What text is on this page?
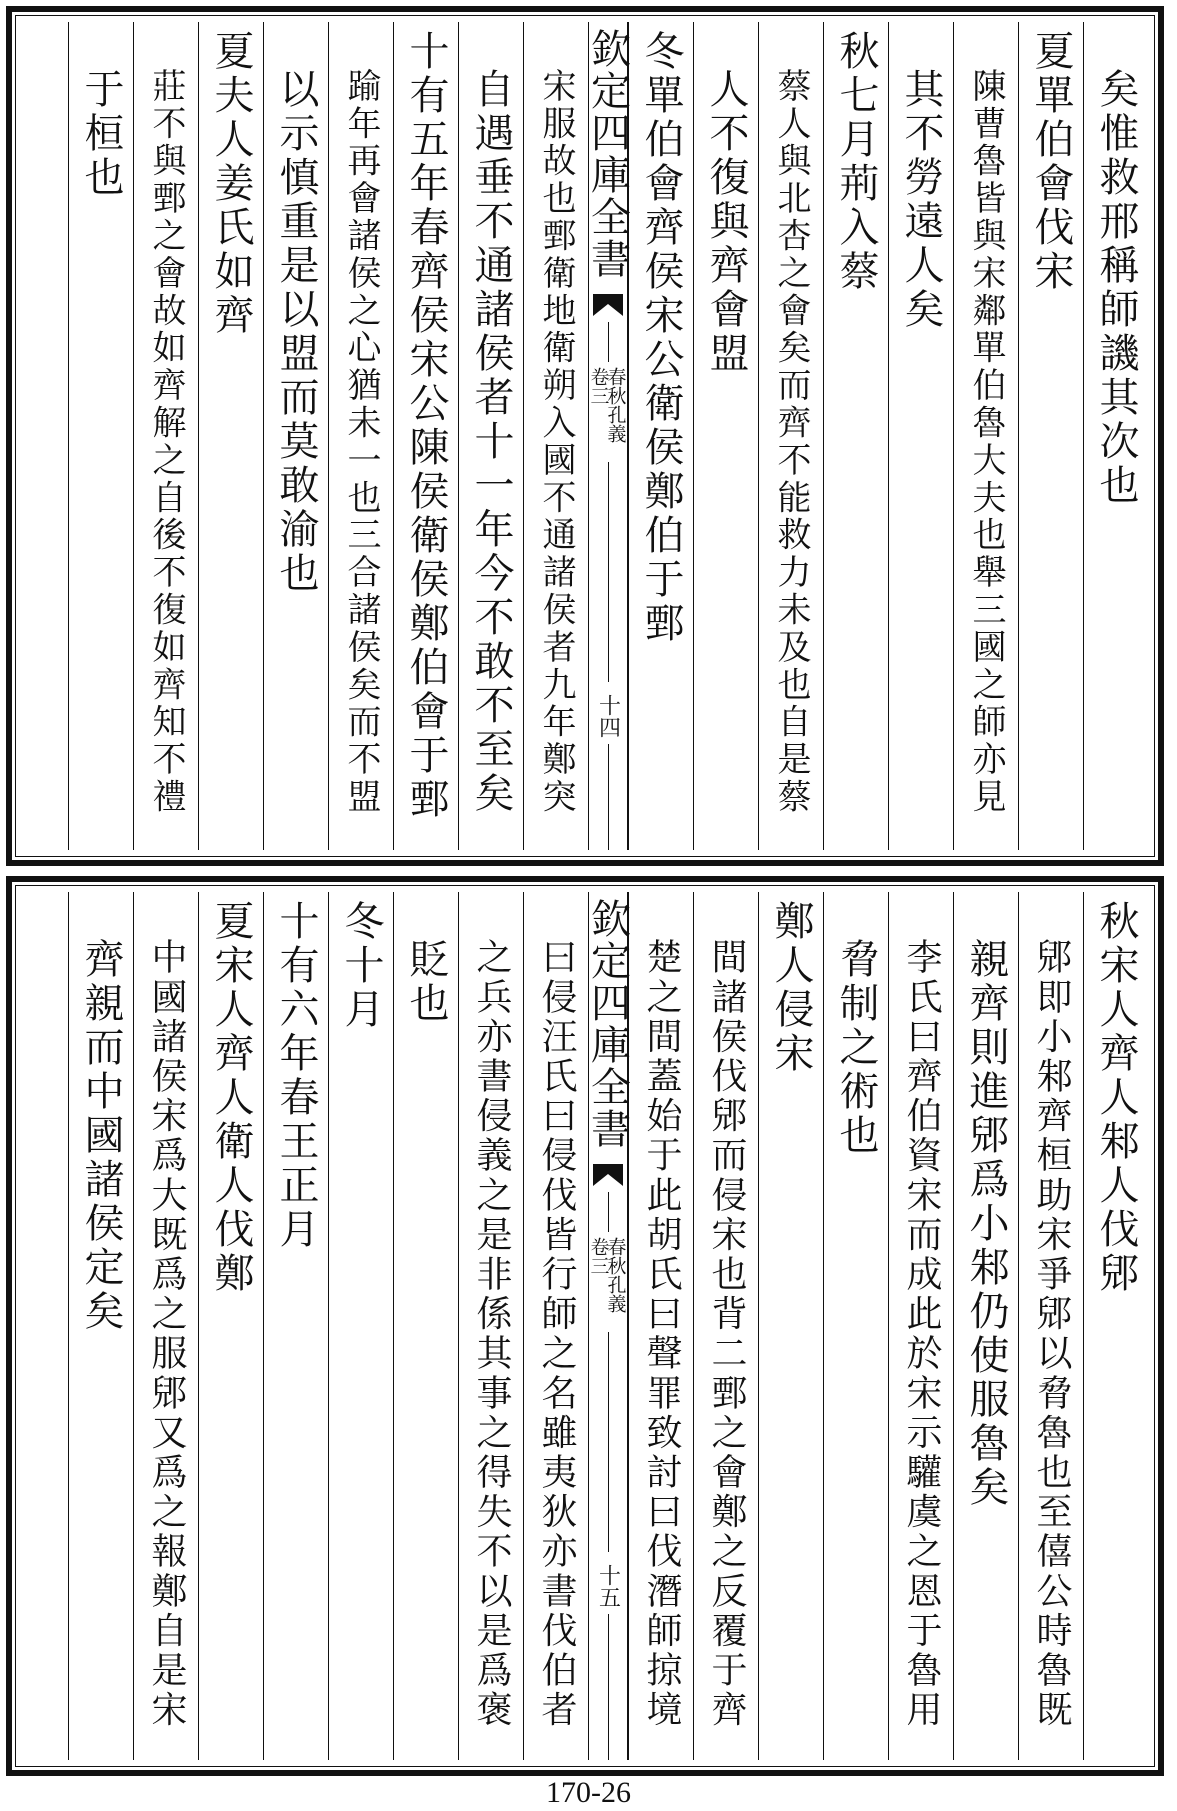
矣惟救邢稱師譏其次也
夏單伯會伐宋
陳曹魯皆與宋鄰單伯魯大夫也舉三國之師亦見
其不勞遠人矣
秋七月荊入蔡
蔡人與北杏之會矣而齊不能救力未及也自是蔡
人不復與齊會盟
冬單伯會齊侯宋公衛侯鄭伯于鄄
欽定四庫全書
春秋孔義
卷三
十四
宋服故也鄄衛地衛朔入國不通諸侯者九年鄭突
自遇垂不通諸侯者十一年今不敢不至矣
十有五年春齊侯宋公陳侯衛侯鄭伯會于鄄
踰年再會諸侯之心猶未一也三合諸侯矣而不盟
以示慎重是以盟而莫敢渝也
夏夫人姜氏如齊
莊不與鄄之會故如齊解之自後不復如齊知不禮
于桓也
秋宋人齊人邾人伐郳
郳即小邾齊桓助宋爭郳以脅魯也至僖公時魯既
親齊則進郳爲小邾仍使服魯矣
李氏曰齊伯資宋而成此於宋示驩虞之恩于魯用
脅制之術也
鄭人侵宋
間諸侯伐郳而侵宋也背二鄄之會鄭之反覆于齊
楚之間蓋始于此胡氏曰聲罪致討曰伐潛師掠境
欽定四庫全書
春秋孔義
卷三
十五
曰侵汪氏曰侵伐皆行師之名雖夷狄亦書伐伯者
之兵亦書侵義之是非係其事之得失不以是爲褒
貶也
冬十月
十有六年春王正月
夏宋人齊人衛人伐鄭
中國諸侯宋爲大既爲之服郳又爲之報鄭自是宋
齊親而中國諸侯定矣
170-26
